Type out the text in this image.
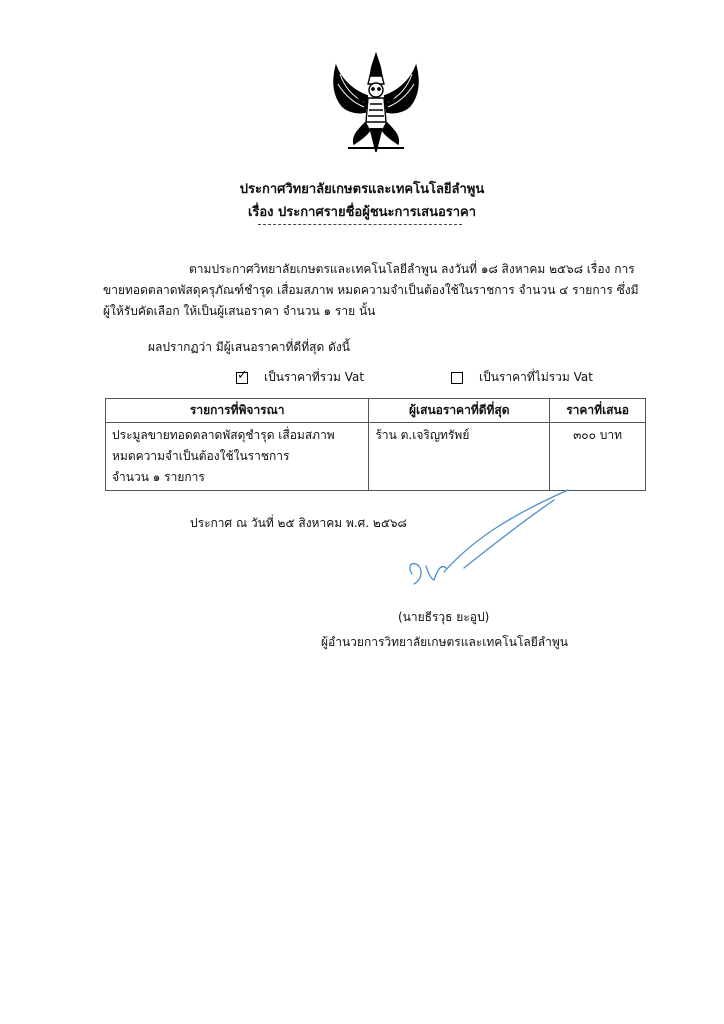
ประกาศวิทยาลัยเกษตรและเทคโนโลยีลำพูน
เรื่อง ประกาศรายชื่อผู้ชนะการเสนอราคา
ตามประกาศวิทยาลัยเกษตรและเทคโนโลยีลำพูน ลงวันที่ ๑๘ สิงหาคม ๒๕๖๘ เรื่อง การ
ขายทอดตลาดพัสดุครุภัณฑ์ชำรุด เสื่อมสภาพ หมดความจำเป็นต้องใช้ในราชการ จำนวน ๔ รายการ ซึ่งมี
ผู้ให้รับคัดเลือก ให้เป็นผู้เสนอราคา จำนวน ๑ ราย นั้น
ผลปรากฏว่า มีผู้เสนอราคาที่ดีที่สุด ดังนี้
✓ เป็นราคาที่รวม Vat	เป็นราคาที่ไม่รวม Vat
รายการที่พิจารณา	ผู้เสนอราคาที่ดีที่สุด	ราคาที่เสนอ

ประมูลขายทอดตลาดพัสดุชำรุด เสื่อมสภาพ
หมดความจำเป็นต้องใช้ในราชการ
จำนวน ๑ รายการ	ร้าน ต.เจริญทรัพย์	๓๐๐ บาท
ประกาศ ณ วันที่ ๒๕ สิงหาคม พ.ศ. ๒๕๖๘
(นายธีรวุธ ยะอูป)
ผู้อำนวยการวิทยาลัยเกษตรและเทคโนโลยีลำพูน
